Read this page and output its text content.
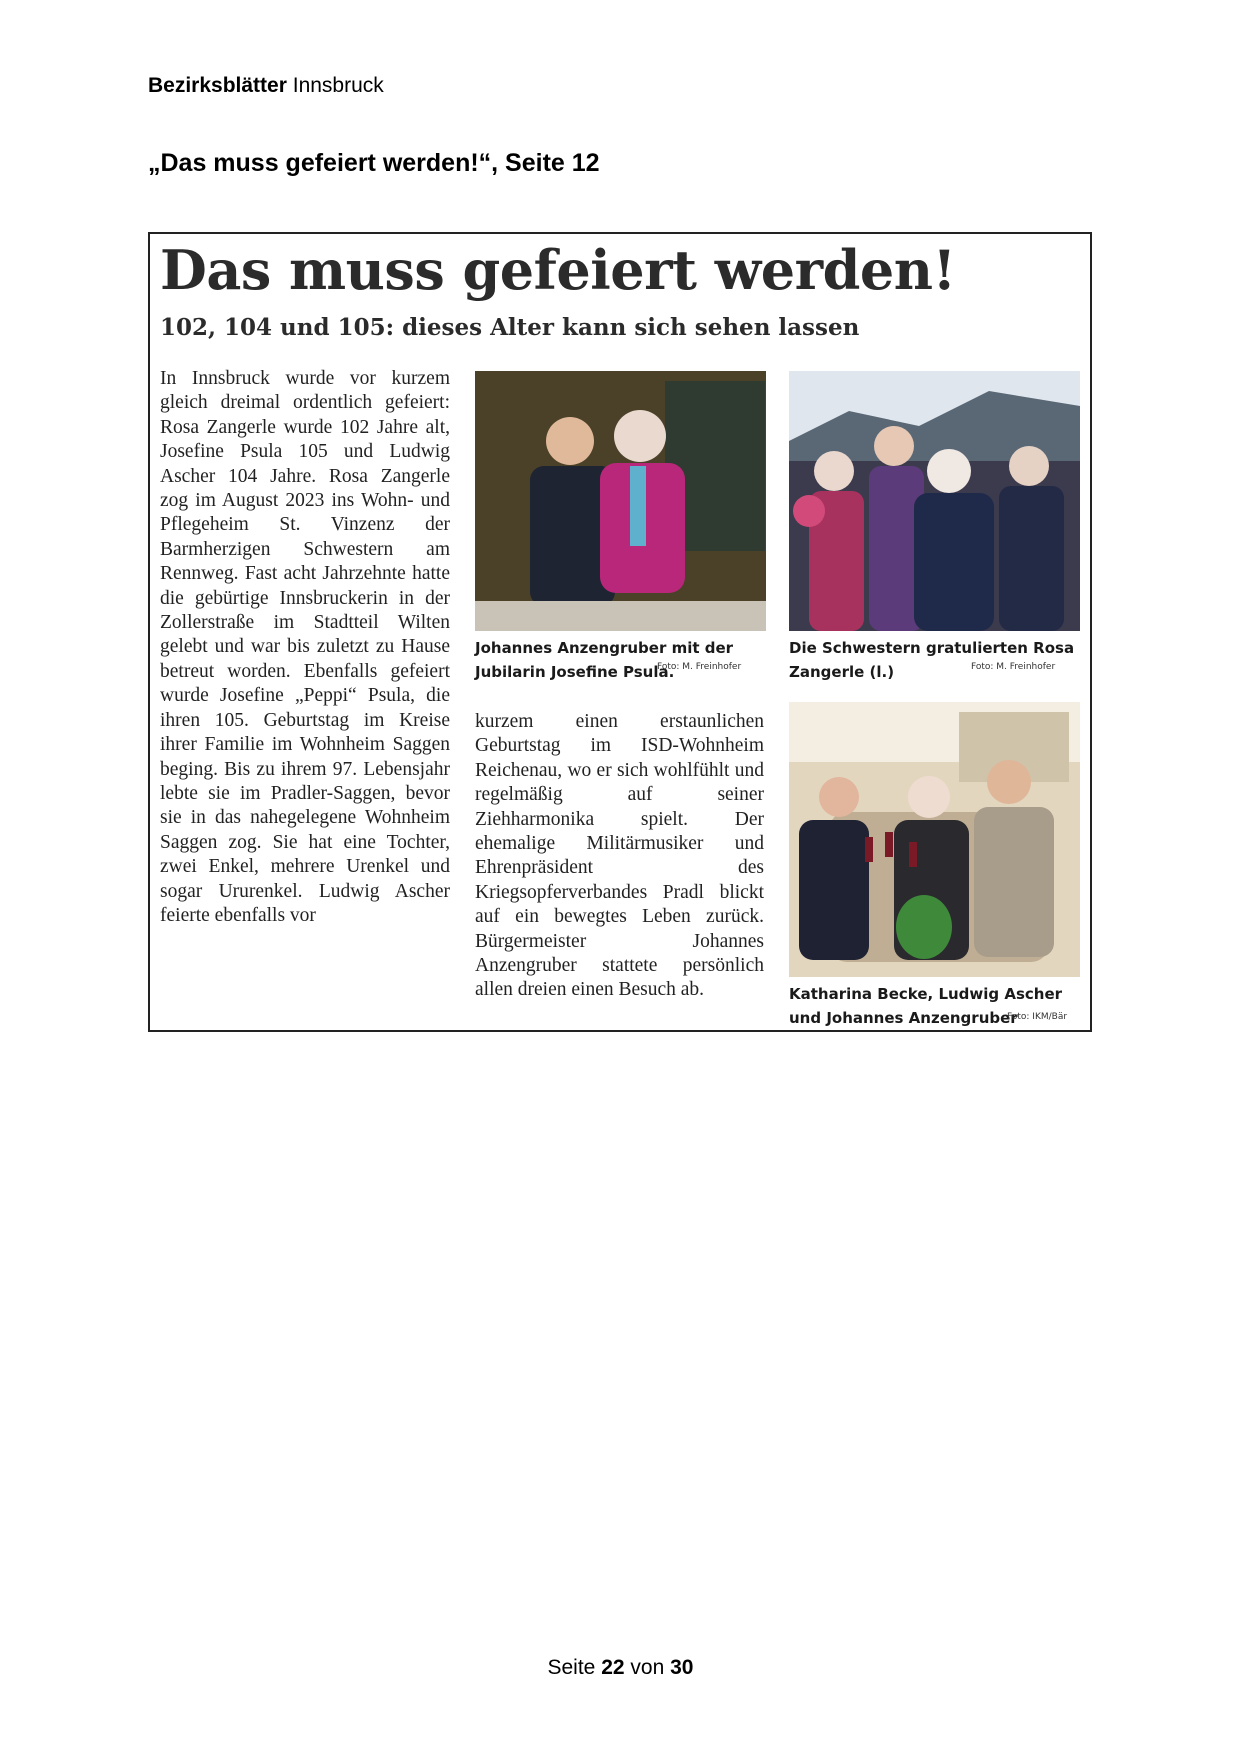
Bezirksblätter Innsbruck
„Das muss gefeiert werden!“, Seite 12
Das muss gefeiert werden!
102, 104 und 105: dieses Alter kann sich sehen lassen
In Innsbruck wurde vor kurzem gleich dreimal ordentlich gefeiert: Rosa Zangerle wurde 102 Jahre alt, Josefine Psula 105 und Ludwig Ascher 104 Jahre. Rosa Zangerle zog im August 2023 ins Wohn- und Pflegeheim St. Vinzenz der Barmherzigen Schwestern am Rennweg. Fast acht Jahrzehnte hatte die gebürtige Innsbruckerin in der Zollerstraße im Stadtteil Wilten gelebt und war bis zuletzt zu Hause betreut worden. Ebenfalls gefeiert wurde Josefine „Peppi“ Psula, die ihren 105. Geburtstag im Kreise ihrer Familie im Wohnheim Saggen beging. Bis zu ihrem 97. Lebensjahr lebte sie im Pradler-Saggen, bevor sie in das nahegelegene Wohnheim Saggen zog. Sie hat eine Tochter, zwei Enkel, mehrere Urenkel und sogar Ururenkel. Ludwig Ascher feierte ebenfalls vor
Johannes Anzengruber mit der Jubilarin Josefine Psula.
Foto: M. Freinhofer
Die Schwestern gratulierten Rosa Zangerle (l.)	Foto: M. Freinhofer
kurzem einen erstaunlichen Geburtstag im ISD-Wohnheim Reichenau, wo er sich wohlfühlt und regelmäßig auf seiner Ziehharmonika spielt. Der ehemalige Militärmusiker und Ehrenpräsident des Kriegsopferverbandes Pradl blickt auf ein bewegtes Leben zurück. Bürgermeister Johannes Anzengruber stattete persönlich allen dreien einen Besuch ab.	Katharina Becke, Ludwig Ascher und Johannes Anzengruber
Foto: IKM/Bär
Seite 22 von 30
